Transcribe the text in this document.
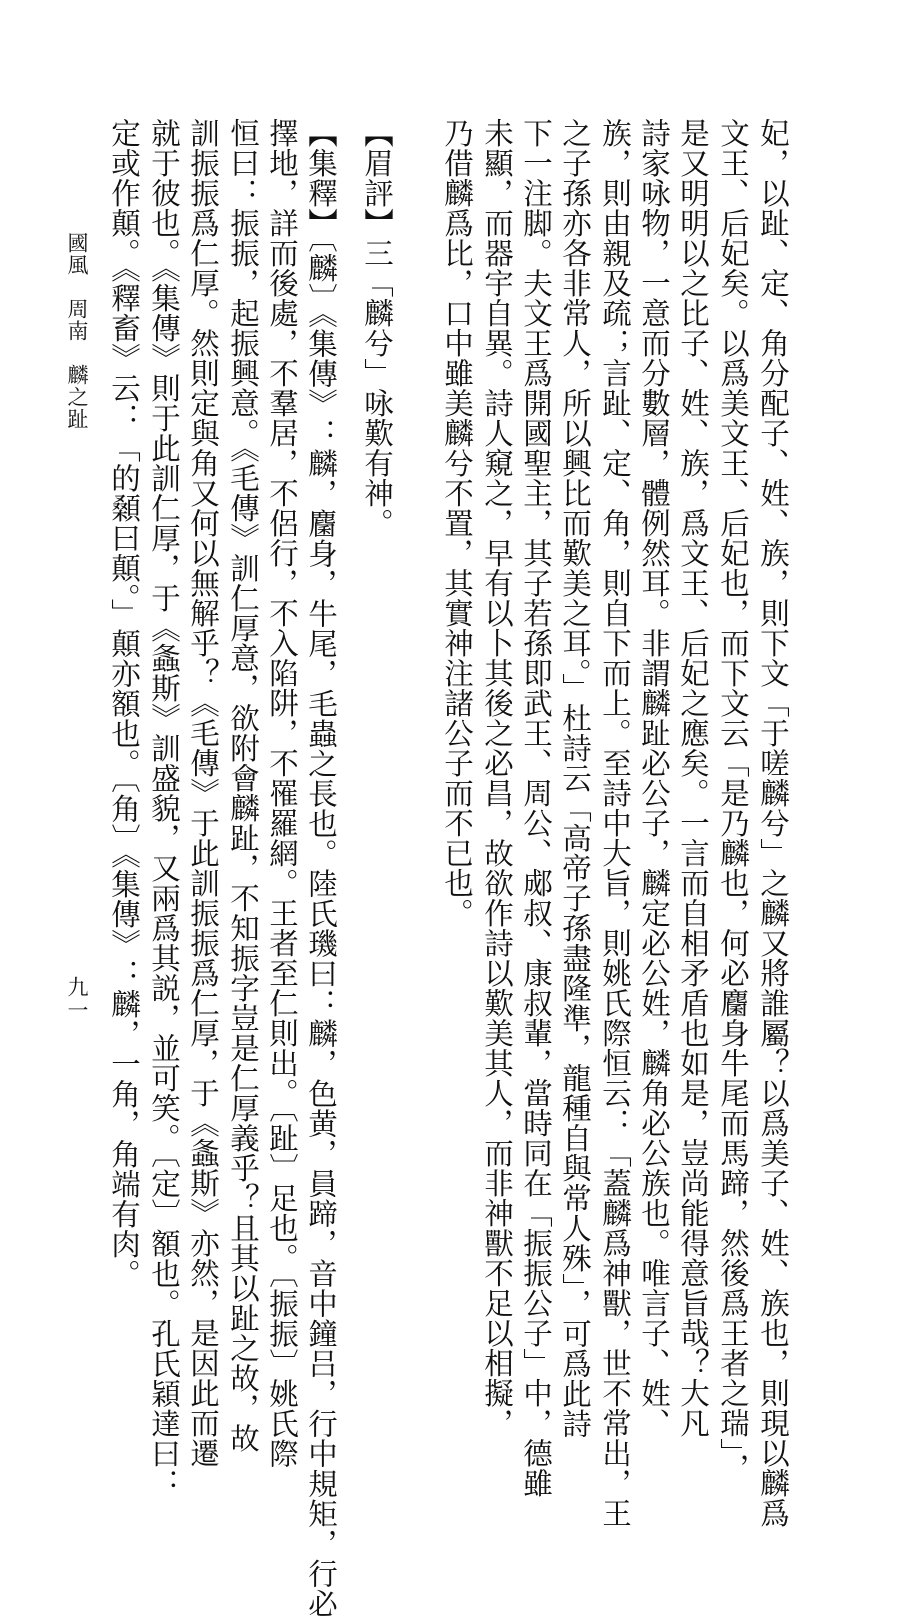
國風　周南　麟之趾
九一	妃，以趾、定、角分配子、姓、族，則下文「于嗟麟兮」之麟又將誰屬？以爲美子、姓、族也，則現以麟爲
文王、后妃矣。以爲美文王、后妃也，而下文云「是乃麟也，何必麕身牛尾而馬蹄，然後爲王者之瑞」，
是又明明以之比子、姓、族，爲文王、后妃之應矣。一言而自相矛盾也如是，豈尚能得意旨哉？大凡
詩家咏物，一意而分數層，體例然耳。非謂麟趾必公子，麟定必公姓，麟角必公族也。唯言子、姓、
族，則由親及疏；言趾、定、角，則自下而上。至詩中大旨，則姚氏際恒云：「蓋麟爲神獸，世不常出，王
之子孫亦各非常人，所以興比而歎美之耳。」杜詩云「高帝子孫盡隆準，龍種自與常人殊」，可爲此詩
下一注脚。夫文王爲開國聖主，其子若孫即武王、周公、郕叔、康叔輩，當時同在「振振公子」中，德雖
未顯，而器宇自異。詩人窺之，早有以卜其後之必昌，故欲作詩以歎美其人，而非神獸不足以相擬，
乃借麟爲比，口中雖美麟兮不置，其實神注諸公子而不已也。
【眉評】三「麟兮」咏歎有神。
【集釋】〔麟〕《集傳》：麟，麕身，牛尾，毛蟲之長也。陸氏璣曰：麟，色黄，員蹄，音中鐘吕，行中規矩，行必
擇地，詳而後處，不羣居，不侶行，不入陷阱，不罹羅網。王者至仁則出。〔趾〕足也。〔振振〕姚氏際
恒曰：振振，起振興意。《毛傳》訓仁厚意，欲附會麟趾，不知振字豈是仁厚義乎？且其以趾之故，故
訓振振爲仁厚。然則定與角又何以無解乎？《毛傳》于此訓振振爲仁厚，于《螽斯》亦然，是因此而遷
就于彼也。《集傳》則于此訓仁厚，于《螽斯》訓盛貌，又兩爲其説，並可笑。〔定〕額也。孔氏穎達曰：
定或作顛。《釋畜》云：「的顙曰顛。」顛亦額也。〔角〕《集傳》：麟，一角，角端有肉。
